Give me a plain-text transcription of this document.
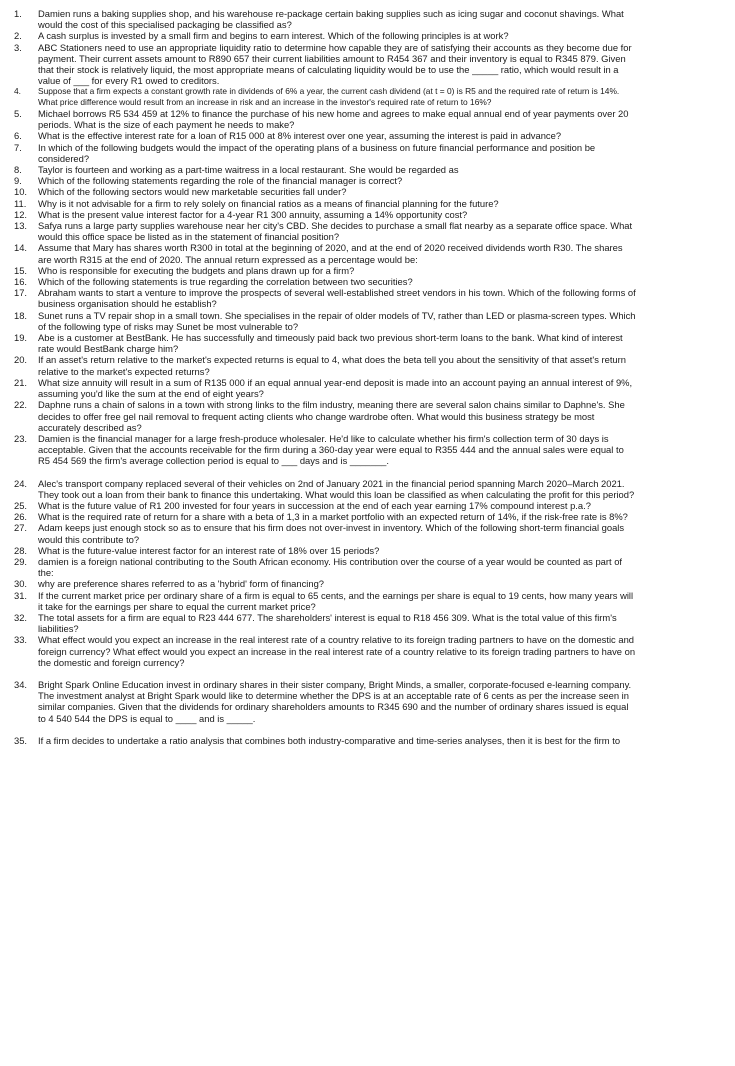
1.	Damien runs a baking supplies shop, and his warehouse re-package certain baking supplies such as icing sugar and coconut shavings. What would the cost of this specialised packaging be classified as?
2.	A cash surplus is invested by a small firm and begins to earn interest. Which of the following principles is at work?
3.	ABC Stationers need to use an appropriate liquidity ratio to determine how capable they are of satisfying their accounts as they become due for payment. Their current assets amount to R890 657 their current liabilities amount to R454 367 and their inventory is equal to R345 879. Given that their stock is relatively liquid, the most appropriate means of calculating liquidity would be to use the _____ ratio, which would result in a value of ___ for every R1 owed to creditors.
4.	Suppose that a firm expects a constant growth rate in dividends of 6% a year, the current cash dividend (at t = 0) is R5 and the required rate of return is 14%. What price difference would result from an increase in risk and an increase in the investor's required rate of return to 16%?
5.	Michael borrows R5 534 459 at 12% to finance the purchase of his new home and agrees to make equal annual end of year payments over 20 periods. What is the size of each payment he needs to make?
6.	What is the effective interest rate for a loan of R15 000 at 8% interest over one year, assuming the interest is paid in advance?
7.	In which of the following budgets would the impact of the operating plans of a business on future financial performance and position be considered?
8.	Taylor is fourteen and working as a part-time waitress in a local restaurant. She would be regarded as
9.	Which of the following statements regarding the role of the financial manager is correct?
10.	Which of the following sectors would new marketable securities fall under?
11.	Why is it not advisable for a firm to rely solely on financial ratios as a means of financial planning for the future?
12.	What is the present value interest factor for a 4-year R1 300 annuity, assuming a 14% opportunity cost?
13.	Safya runs a large party supplies warehouse near her city's CBD. She decides to purchase a small flat nearby as a separate office space. What would this office space be listed as in the statement of financial position?
14.	Assume that Mary has shares worth R300 in total at the beginning of 2020, and at the end of 2020 received dividends worth R30. The shares are worth R315 at the end of 2020. The annual return expressed as a percentage would be:
15.	Who is responsible for executing the budgets and plans drawn up for a firm?
16.	Which of the following statements is true regarding the correlation between two securities?
17.	Abraham wants to start a venture to improve the prospects of several well-established street vendors in his town. Which of the following forms of business organisation should he establish?
18.	Sunet runs a TV repair shop in a small town. She specialises in the repair of older models of TV, rather than LED or plasma-screen types. Which of the following type of risks may Sunet be most vulnerable to?
19.	Abe is a customer at BestBank. He has successfully and timeously paid back two previous short-term loans to the bank. What kind of interest rate would BestBank charge him?
20.	If an asset's return relative to the market's expected returns is equal to 4, what does the beta tell you about the sensitivity of that asset's return relative to the market's expected returns?
21.	What size annuity will result in a sum of R135 000 if an equal annual year-end deposit is made into an account paying an annual interest of 9%, assuming you'd like the sum at the end of eight years?
22.	Daphne runs a chain of salons in a town with strong links to the film industry, meaning there are several salon chains similar to Daphne's. She decides to offer free gel nail removal to frequent acting clients who change wardrobe often. What would this business strategy be most accurately described as?
23.	Damien is the financial manager for a large fresh-produce wholesaler. He'd like to calculate whether his firm's collection term of 30 days is acceptable. Given that the accounts receivable for the firm during a 360-day year were equal to R355 444 and the annual sales were equal to R5 454 569 the firm's average collection period is equal to ___ days and is _______.
24.	Alec's transport company replaced several of their vehicles on 2nd of January 2021 in the financial period spanning March 2020–March 2021. They took out a loan from their bank to finance this undertaking. What would this loan be classified as when calculating the profit for this period?
25.	What is the future value of R1 200 invested for four years in succession at the end of each year earning 17% compound interest p.a.?
26.	What is the required rate of return for a share with a beta of 1,3 in a market portfolio with an expected return of 14%, if the risk-free rate is 8%?
27.	Adam keeps just enough stock so as to ensure that his firm does not over-invest in inventory. Which of the following short-term financial goals would this contribute to?
28.	What is the future-value interest factor for an interest rate of 18% over 15 periods?
29.	damien is a foreign national contributing to the South African economy. His contribution over the course of a year would be counted as part of the:
30.	why are preference shares referred to as a 'hybrid' form of financing?
31.	If the current market price per ordinary share of a firm is equal to 65 cents, and the earnings per share is equal to 19 cents, how many years will it take for the earnings per share to equal the current market price?
32.	The total assets for a firm are equal to R23 444 677. The shareholders' interest is equal to R18 456 309. What is the total value of this firm's liabilities?
33.	What effect would you expect an increase in the real interest rate of a country relative to its foreign trading partners to have on the domestic and foreign currency? What effect would you expect an increase in the real interest rate of a country relative to its foreign trading partners to have on the domestic and foreign currency?
34.	Bright Spark Online Education invest in ordinary shares in their sister company, Bright Minds, a smaller, corporate-focused e-learning company. The investment analyst at Bright Spark would like to determine whether the DPS is at an acceptable rate of 6 cents as per the increase seen in similar companies. Given that the dividends for ordinary shareholders amounts to R345 690 and the number of ordinary shares issued is equal to 4 540 544 the DPS is equal to ____ and is _____.
35.	If a firm decides to undertake a ratio analysis that combines both industry-comparative and time-series analyses, then it is best for the firm to
